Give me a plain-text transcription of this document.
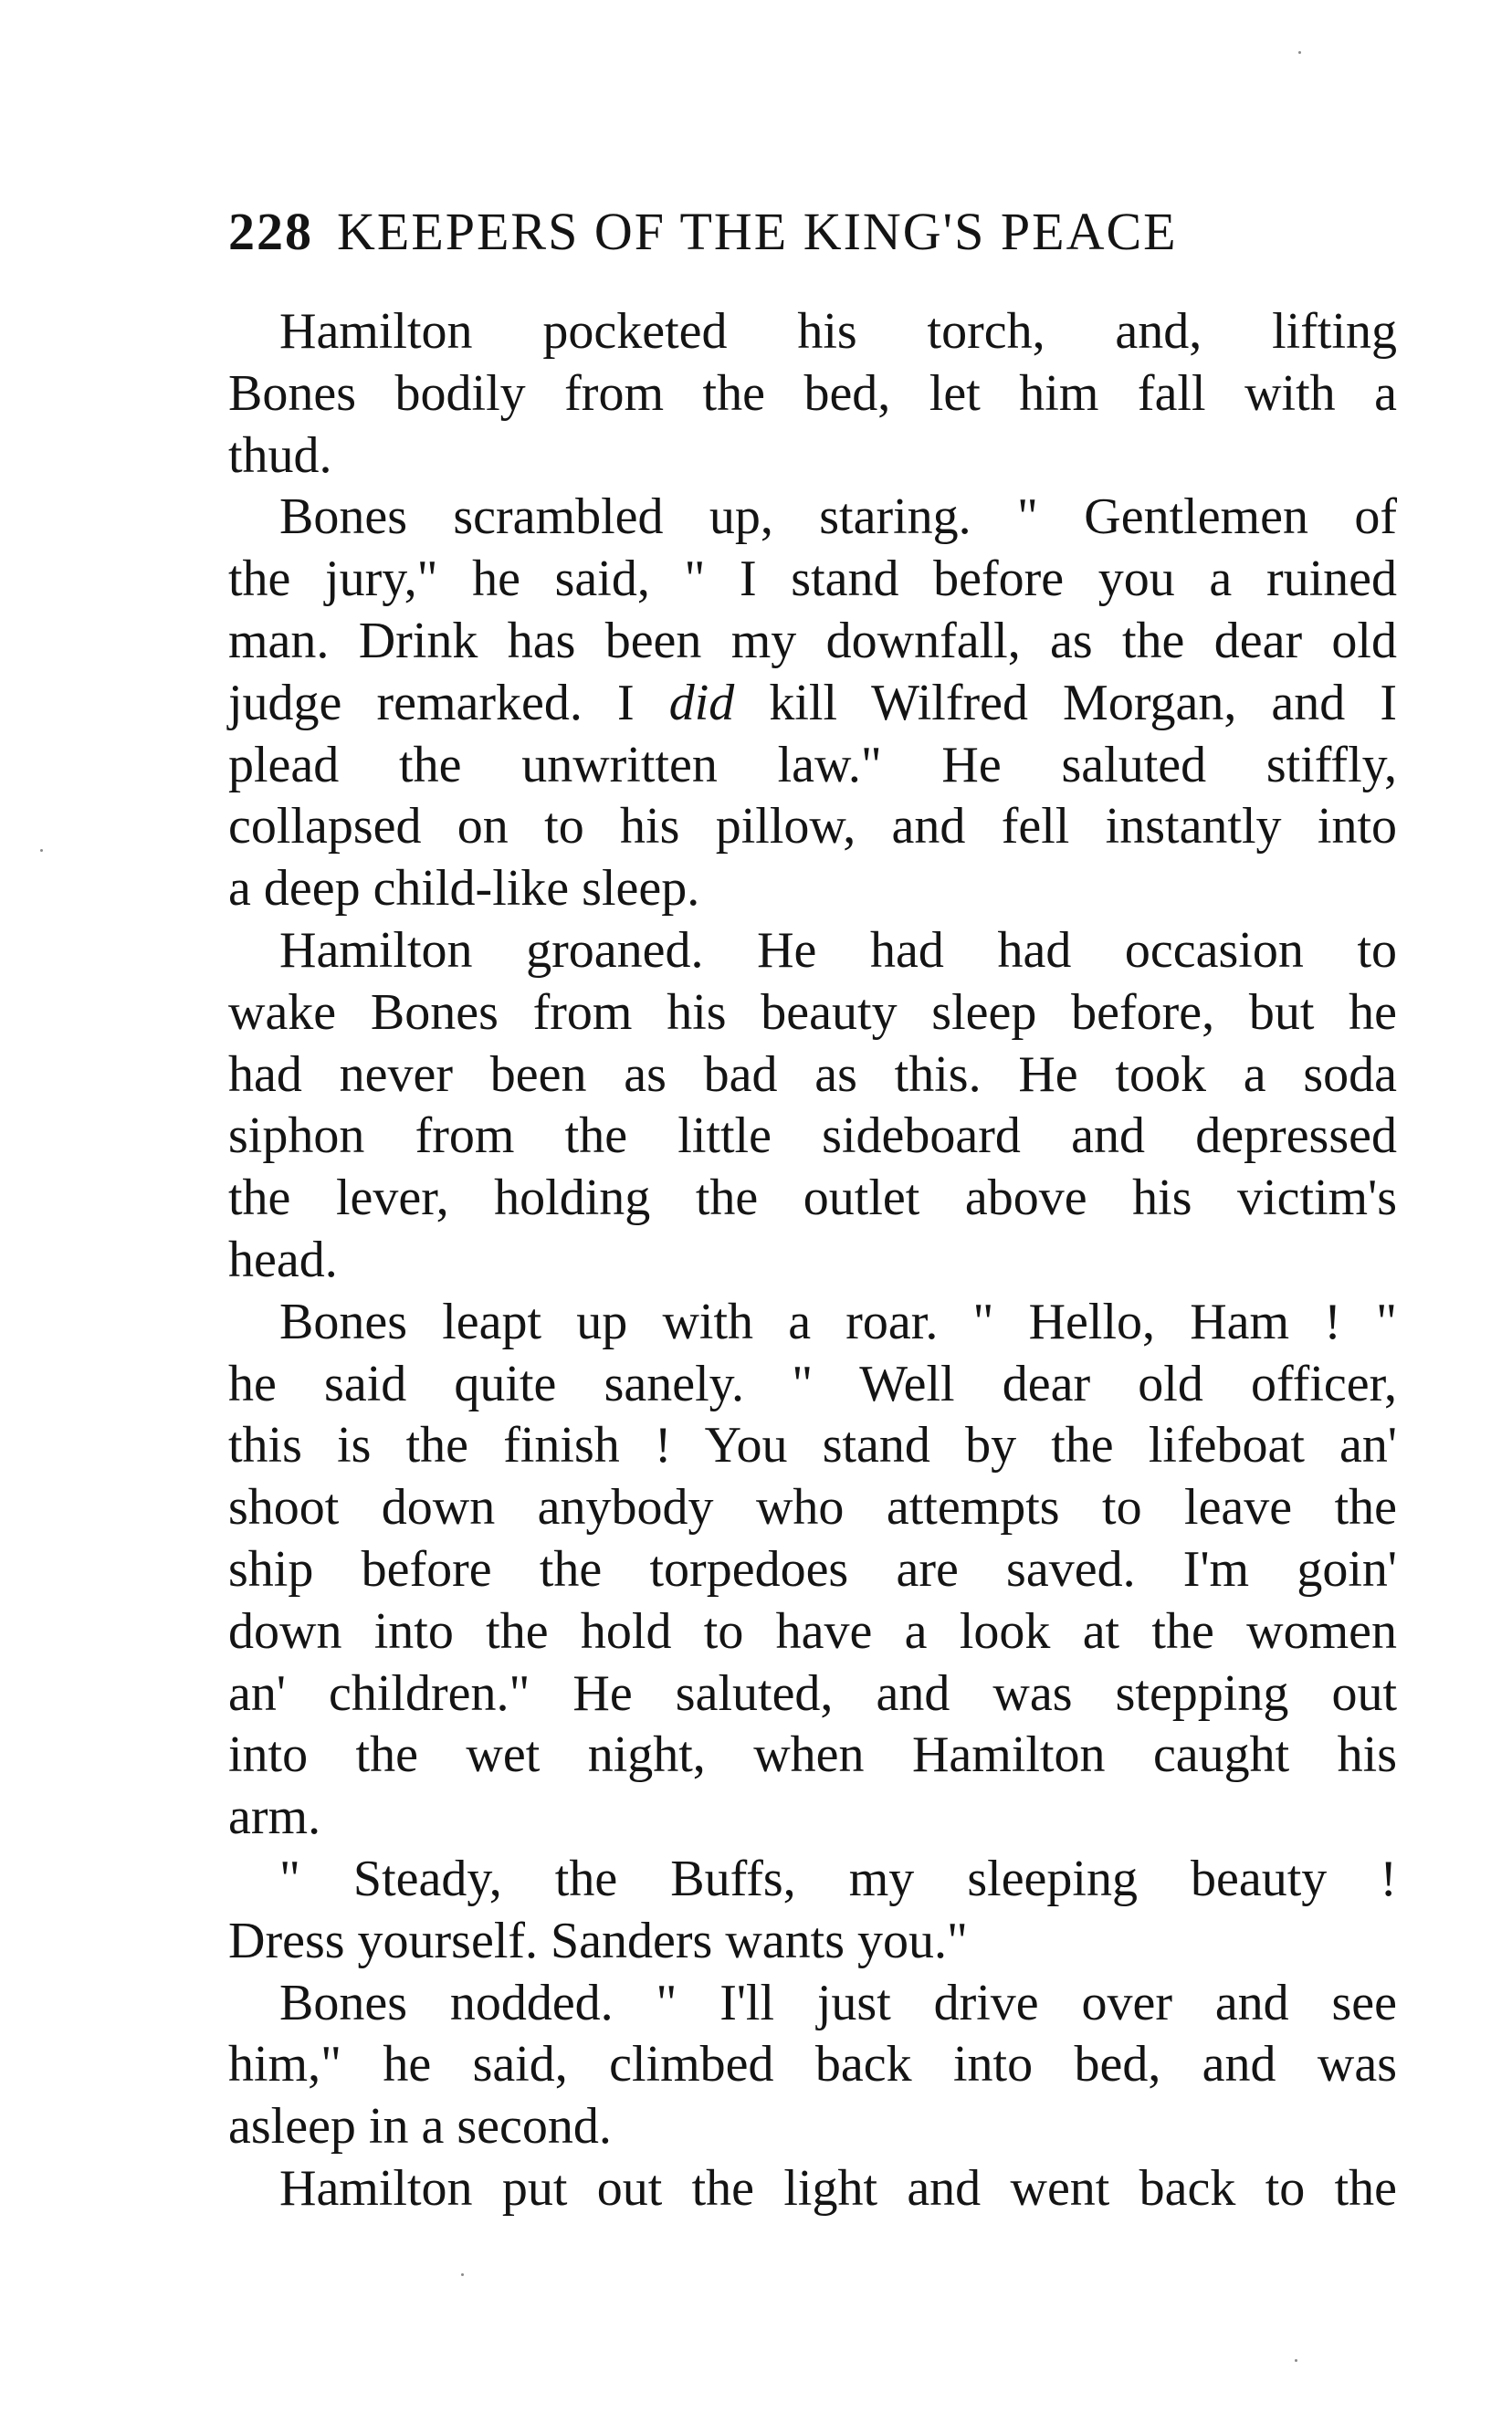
228 KEEPERS OF THE KING'S PEACE
Hamilton pocketed his torch, and, lifting
Bones bodily from the bed, let him fall with a
thud.
Bones scrambled up, staring. " Gentlemen of
the jury," he said, " I stand before you a ruined
man. Drink has been my downfall, as the dear old
judge remarked. I did kill Wilfred Morgan, and I
plead the unwritten law." He saluted stiffly,
collapsed on to his pillow, and fell instantly into
a deep child-like sleep.
Hamilton groaned. He had had occasion to
wake Bones from his beauty sleep before, but he
had never been as bad as this. He took a soda
siphon from the little sideboard and depressed
the lever, holding the outlet above his victim's
head.
Bones leapt up with a roar. " Hello, Ham ! "
he said quite sanely. " Well dear old officer,
this is the finish ! You stand by the lifeboat an'
shoot down anybody who attempts to leave the
ship before the torpedoes are saved. I'm goin'
down into the hold to have a look at the women
an' children." He saluted, and was stepping out
into the wet night, when Hamilton caught his
arm.
" Steady, the Buffs, my sleeping beauty !
Dress yourself. Sanders wants you."
Bones nodded. " I'll just drive over and see
him," he said, climbed back into bed, and was
asleep in a second.
Hamilton put out the light and went back to the
